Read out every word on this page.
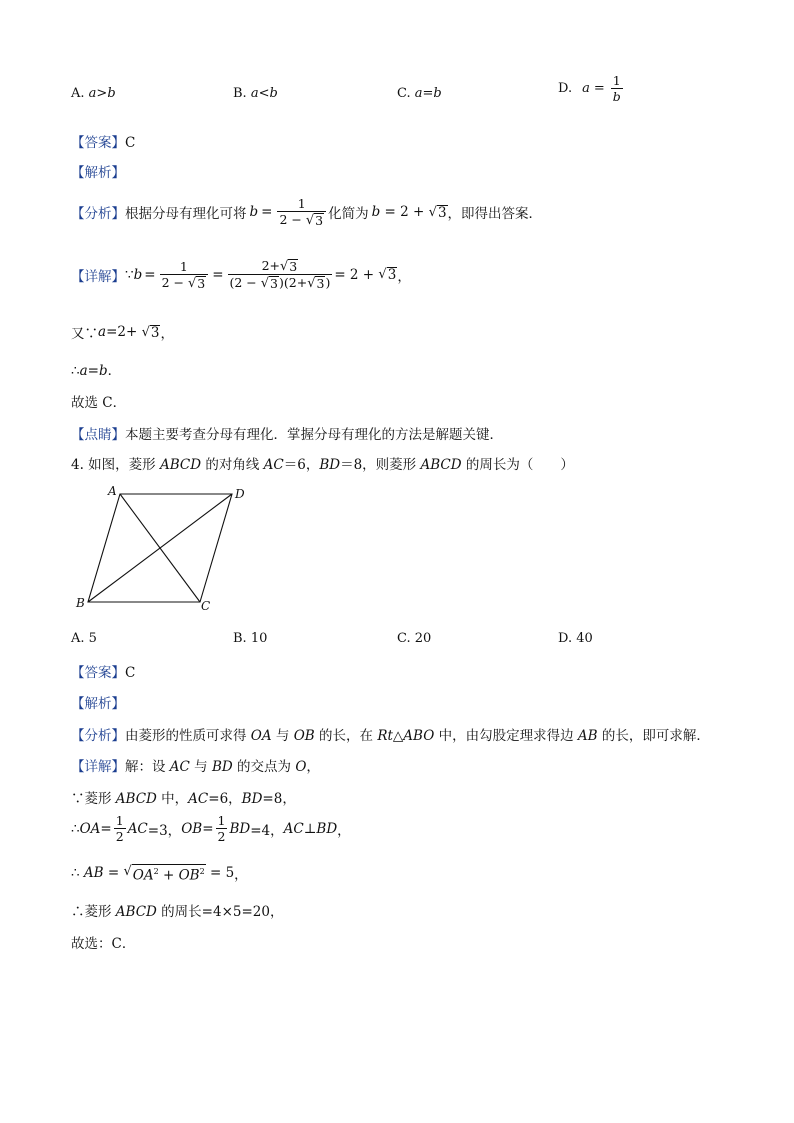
A. a>b	B. a<b	C. a=b	D. $a = \frac{1}{b}$
【答案】C
【解析】
【分析】 根据分母有理化可将 $b = \frac{1}{2 - √ 3}$ 化简为 b = 2 + √ 3 ，即得出答案．
【详解】 ∵ $b = \frac{1}{2 - √ 3} = \frac{2+ √ 3}{(2 - √ 3 )(2+ √ 3 )} = 2$ + √ 3 ，
又∵ a =2+ √ 3 ，
∴a=b．
故选 C．
【点睛】本题主要考查分母有理化．掌握分母有理化的方法是解题关键．
4. 如图，菱形 ABCD 的对角线 AC＝6，BD＝8，则菱形 ABCD 的周长为（　　）
A	D
B	C
A. 5	B. 10	C. 20	D. 40
【答案】C
【解析】
【分析】由菱形的性质可求得 OA 与 OB 的长，在 Rt△ABO 中，由勾股定理求得边 AB 的长，即可求解．
【详解】解：设 AC 与 BD 的交点为 O，
∵菱形 ABCD 中，AC=6，BD=8，
∴ OA = $\frac{1}{2}$ AC =3， OB = $\frac{1}{2}$ BD =4， AC ⊥ BD ，
∴ AB = √ $OA^2 + OB^2 = 5$ ，
∴菱形 ABCD 的周长=4×5=20，
故选：C．
